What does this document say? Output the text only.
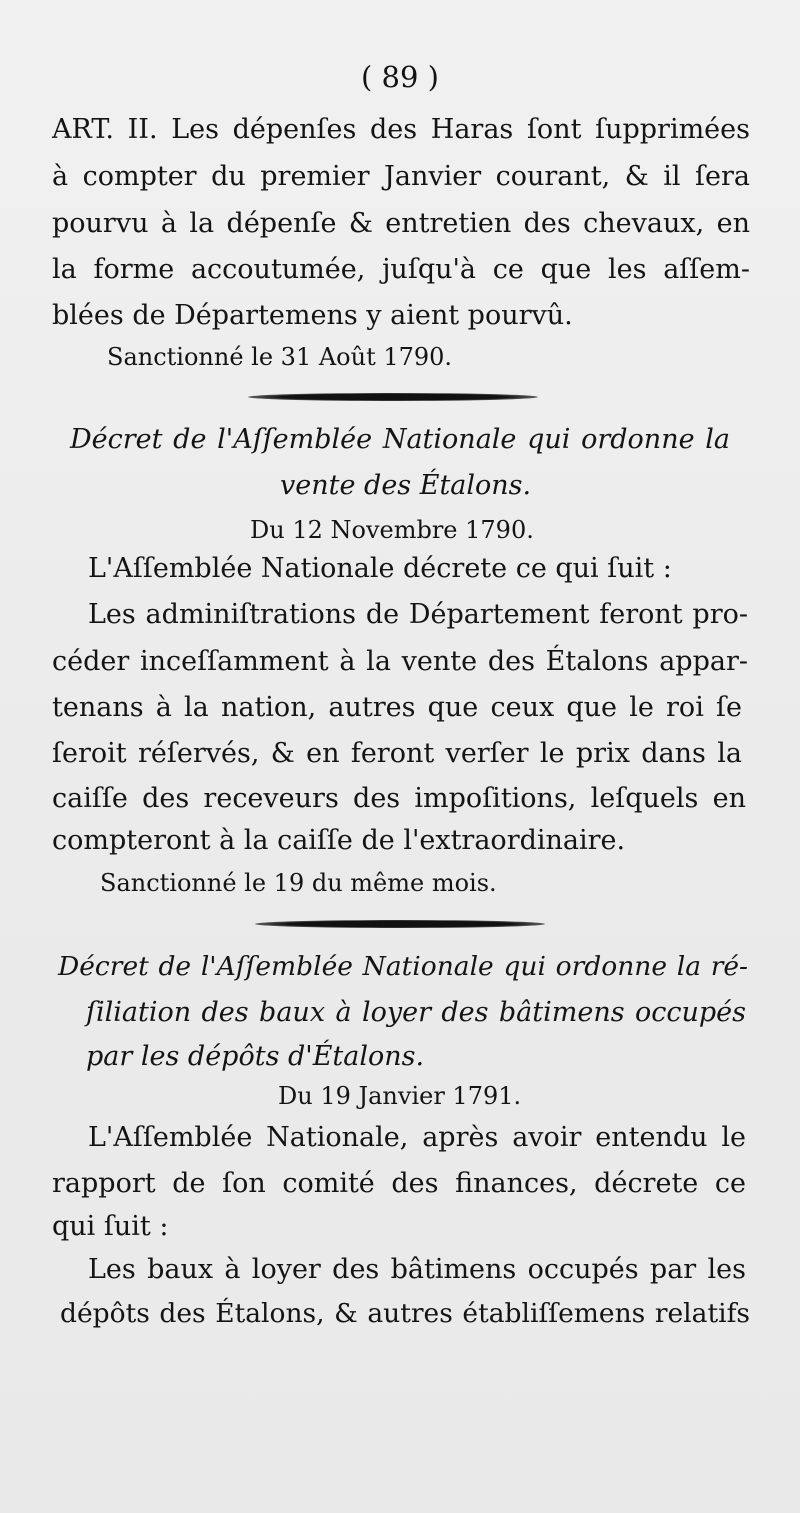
( 89 )
ART. II. Les dépenſes des Haras ſont ſupprimées
à compter du premier Janvier courant, & il ſera
pourvu à la dépenſe & entretien des chevaux, en
la forme accoutumée, juſqu'à ce que les aſſem-
blées de Départemens y aient pourvû.
Sanctionné le 31 Août 1790.
Décret de l'Aſſemblée Nationale qui ordonne la
vente des Étalons.
Du 12 Novembre 1790.
L'Aſſemblée Nationale décrete ce qui ſuit :
Les adminiſtrations de Département feront pro-
céder inceſſamment à la vente des Étalons appar-
tenans à la nation, autres que ceux que le roi ſe
ſeroit réſervés, & en feront verſer le prix dans la
caiſſe des receveurs des impoſitions, leſquels en
compteront à la caiſſe de l'extraordinaire.
Sanctionné le 19 du même mois.
Décret de l'Aſſemblée Nationale qui ordonne la ré-
ſiliation des baux à loyer des bâtimens occupés
par les dépôts d'Étalons.
Du 19 Janvier 1791.
L'Aſſemblée Nationale, après avoir entendu le
rapport de ſon comité des finances, décrete ce
qui ſuit :
Les baux à loyer des bâtimens occupés par les
dépôts des Étalons, & autres établiſſemens relatifs
